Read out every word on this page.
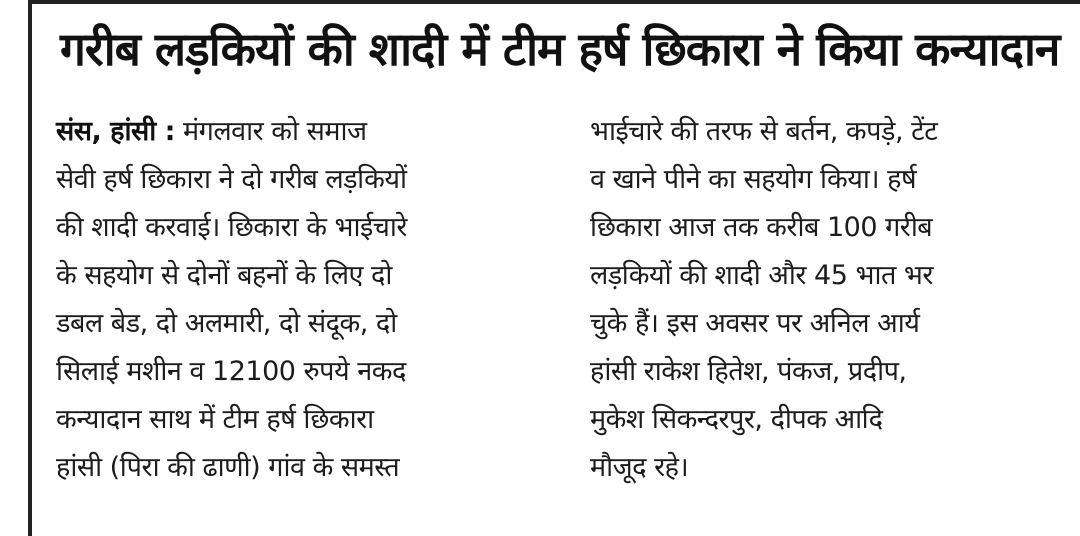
गरीब लड़कियों की शादी में टीम हर्ष छिकारा ने किया कन्यादान
संस, हांसी : मंगलवार को समाज
सेवी हर्ष छिकारा ने दो गरीब लड़कियों
की शादी करवाई। छिकारा के भाईचारे
के सहयोग से दोनों बहनों के लिए दो
डबल बेड, दो अलमारी, दो संदूक, दो
सिलाई मशीन व 12100 रुपये नकद
कन्यादान साथ में टीम हर्ष छिकारा
हांसी (पिरा की ढाणी) गांव के समस्त
भाईचारे की तरफ से बर्तन, कपड़े, टेंट
व खाने पीने का सहयोग किया। हर्ष
छिकारा आज तक करीब 100 गरीब
लड़कियों की शादी और 45 भात भर
चुके हैं। इस अवसर पर अनिल आर्य
हांसी राकेश हितेश, पंकज, प्रदीप,
मुकेश सिकन्दरपुर, दीपक आदि
मौजूद रहे।
